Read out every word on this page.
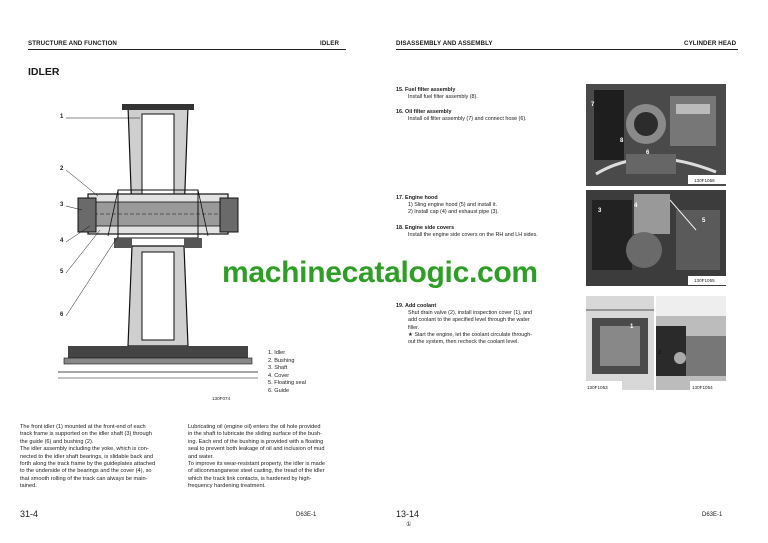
STRUCTURE AND FUNCTION	IDLER
IDLER
1
2
3
4
5
6
1. Idler
2. Bushing
3. Shaft
4. Cover
5. Floating seal
6. Guide
130F074
The front idler (1) mounted at the front-end of each
track frame is supported on the idler shaft (3) through
the guide (6) and bushing (2).
The idler assembly including the yoke, which is con-
nected to the idler shaft bearings, is slidable back and
forth along the track frame by the guideplates attached
to the underside of the bearings and the cover (4), so
that smooth rolling of the track can always be main-
tained.
Lubricating oil (engine oil) enters the oil hole provided
in the shaft to lubricate the sliding surface of the bush-
ing. Each end of the bushing is provided with a floating
seal to prevent both leakage of oil and inclusion of mud
and water.
To improve its wear-resistant property, the idler is made
of siliconmanganese steel casting, the tread of the idler
which the track link contacts, is hardened by high-
frequency hardening treatment.
31-4	D63E-1
DISASSEMBLY AND ASSEMBLY	CYLINDER HEAD
15. Fuel filter assembly
Install fuel filter assembly (8).
16. Oil filter assembly
Install oil filter assembly (7) and connect hose (6).
17. Engine hood
1) Sling engine hood (5) and install it.
2) Install cap (4) and exhaust pipe (3).
18. Engine side covers
Install the engine side covers on the RH and LH sides.
19. Add coolant
Shut drain valve (2), install inspection cover (1), and
add coolant to the specified level through the water
filler.
★ Start the engine, let the coolant circulate through-
out the system, then recheck the coolant level.
7
8
6
130F1056
3
4
5
130F1055
1
130F1053
2
130F1054
13-14
①
D63E-1
machinecatalogic.com
